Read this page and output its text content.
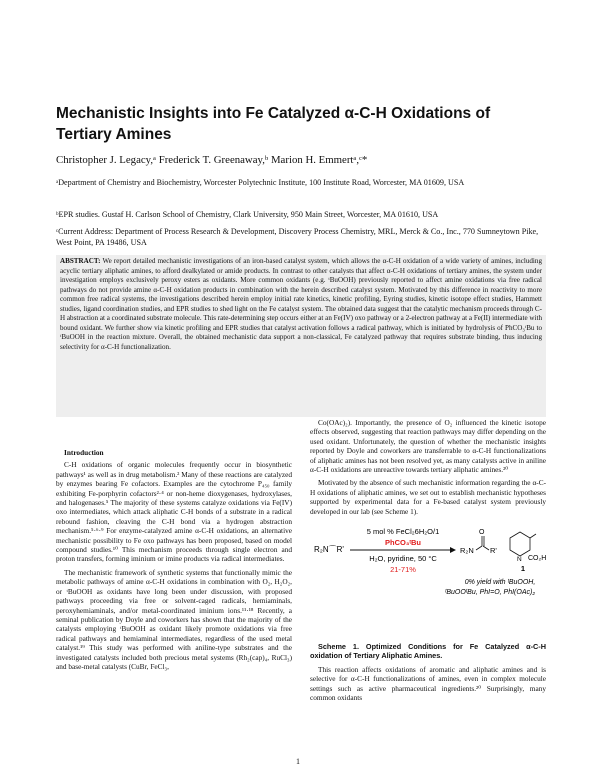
Mechanistic Insights into Fe Catalyzed α-C-H Oxidations of Tertiary Amines
Christopher J. Legacy,ᵃ Frederick T. Greenaway,ᵇ Marion H. Emmertᵃ,ᶜ*

ᵃDepartment of Chemistry and Biochemistry, Worcester Polytechnic Institute, 100 Institute Road, Worcester, MA 01609, USA

ᵇEPR studies. Gustaf H. Carlson School of Chemistry, Clark University, 950 Main Street, Worcester, MA 01610, USA

ᶜCurrent Address: Department of Process Research & Development, Discovery Process Chemistry, MRL, Merck & Co., Inc., 770 Sumneytown Pike, West Point, PA 19486, USA

ABSTRACT: We report detailed mechanistic investigations of an iron-based catalyst system, which allows the α-C-H oxidation of a wide variety of amines, including acyclic tertiary aliphatic amines, to afford dealkylated or amide products. In contrast to other catalysts that affect α-C-H oxidations of tertiary amines, the system under investigation employs exclusively peroxy esters as oxidants. More common oxidants (e.g. ᵗBuOOH) previously reported to affect amine oxidations via free radical pathways do not provide amine α-C-H oxidation products in combination with the herein described catalyst system. Motivated by this difference in reactivity to more common free radical systems, the investigations described herein employ initial rate kinetics, kinetic profiling, Eyring studies, kinetic isotope effect studies, Hammett studies, ligand coordination studies, and EPR studies to shed light on the Fe catalyst system. The obtained data suggest that the catalytic mechanism proceeds through C-H abstraction at a coordinated substrate molecule. This rate-determining step occurs either at an Fe(IV) oxo pathway or a 2-electron pathway at a Fe(II) intermediate with bound oxidant. We further show via kinetic profiling and EPR studies that catalyst activation follows a radical pathway, which is initiated by hydrolysis of PhCO₃ᵗBu to ᵗBuOOH in the reaction mixture. Overall, the obtained mechanistic data support a non-classical, Fe catalyzed pathway that requires substrate binding, thus inducing selectivity for α-C-H functionalization.
Introduction

C-H oxidations of organic molecules frequently occur in biosynthetic pathways¹ as well as in drug metabolism.² Many of these reactions are catalyzed by enzymes bearing Fe cofactors. Examples are the cytochrome P₄₅₀ family exhibiting Fe-porphyrin cofactors²·⁴ or non-heme dioxygenases, hydroxylases, and halogenases.⁵ The majority of these systems catalyze oxidations via Fe(IV) oxo intermediates, which attack aliphatic C-H bonds of a substrate in a radical rebound fashion, cleaving the C-H bond via a hydrogen abstraction mechanism.⁵·⁶·⁹ For enzyme-catalyzed amine α-C-H oxidations, an alternative mechanistic possibility to Fe oxo pathways has been proposed, based on model compound studies.¹⁰ This mechanism proceeds through single electron and proton transfers, forming iminium or imine products via radical intermediates.

The mechanistic framework of synthetic systems that functionally mimic the metabolic pathways of amine α-C-H oxidations in combination with O₂, H₂O₂, or ᵗBuOOH as oxidants have long been under discussion, with proposed pathways proceeding via free or solvent-caged radicals, hemiaminals, peroxyhemiaminals, and/or metal-coordinated iminium ions.¹¹·¹⁸ Recently, a seminal publication by Doyle and coworkers has shown that the majority of the catalysts employing ᵗBuOOH as oxidant likely promote oxidations via free radical pathways and hemiaminal intermediates, regardless of the used metal catalyst.¹⁹ This study was performed with aniline-type substrates and the investigated catalysts included both precious metal systems (Rh₂(cap)₄, RuCl₃) and base-metal catalysts (CuBr, FeCl₃,

Co(OAc)₂). Importantly, the presence of O₂ influenced the kinetic isotope effects observed, suggesting that reaction pathways may differ depending on the used oxidant. Unfortunately, the question of whether the mechanistic insights reported by Doyle and coworkers are transferrable to α-C-H functionalizations of aliphatic amines has not been resolved yet, as many catalysts active in aniline α-C-H oxidations are unreactive towards tertiary aliphatic amines.²⁰

Motivated by the absence of such mechanistic information regarding the α-C-H oxidations of aliphatic amines, we set out to establish mechanistic hypotheses supported by experimental data for a Fe-based catalyst system previously developed in our lab (see Scheme 1).

R₂N⌒R'
5 mol % FeCl₂6H₂O/1
PhCO₃ᵗBu
H₂O, pyridine, 50 °C
21-71%
R₂N
O
R'
N CO₂H
1
0% yield with ᵗBuOOH,
ᵗBuOOᵗBu, PhI=O, PhI(OAc)₂

Scheme 1. Optimized Conditions for Fe Catalyzed α-C-H oxidation of Tertiary Aliphatic Amines.

This reaction affects oxidations of aromatic and aliphatic amines and is selective for α-C-H functionalizations of amines, even in complex molecule settings such as active pharmaceutical ingredients.²⁰ Surprisingly, many common oxidants

1
